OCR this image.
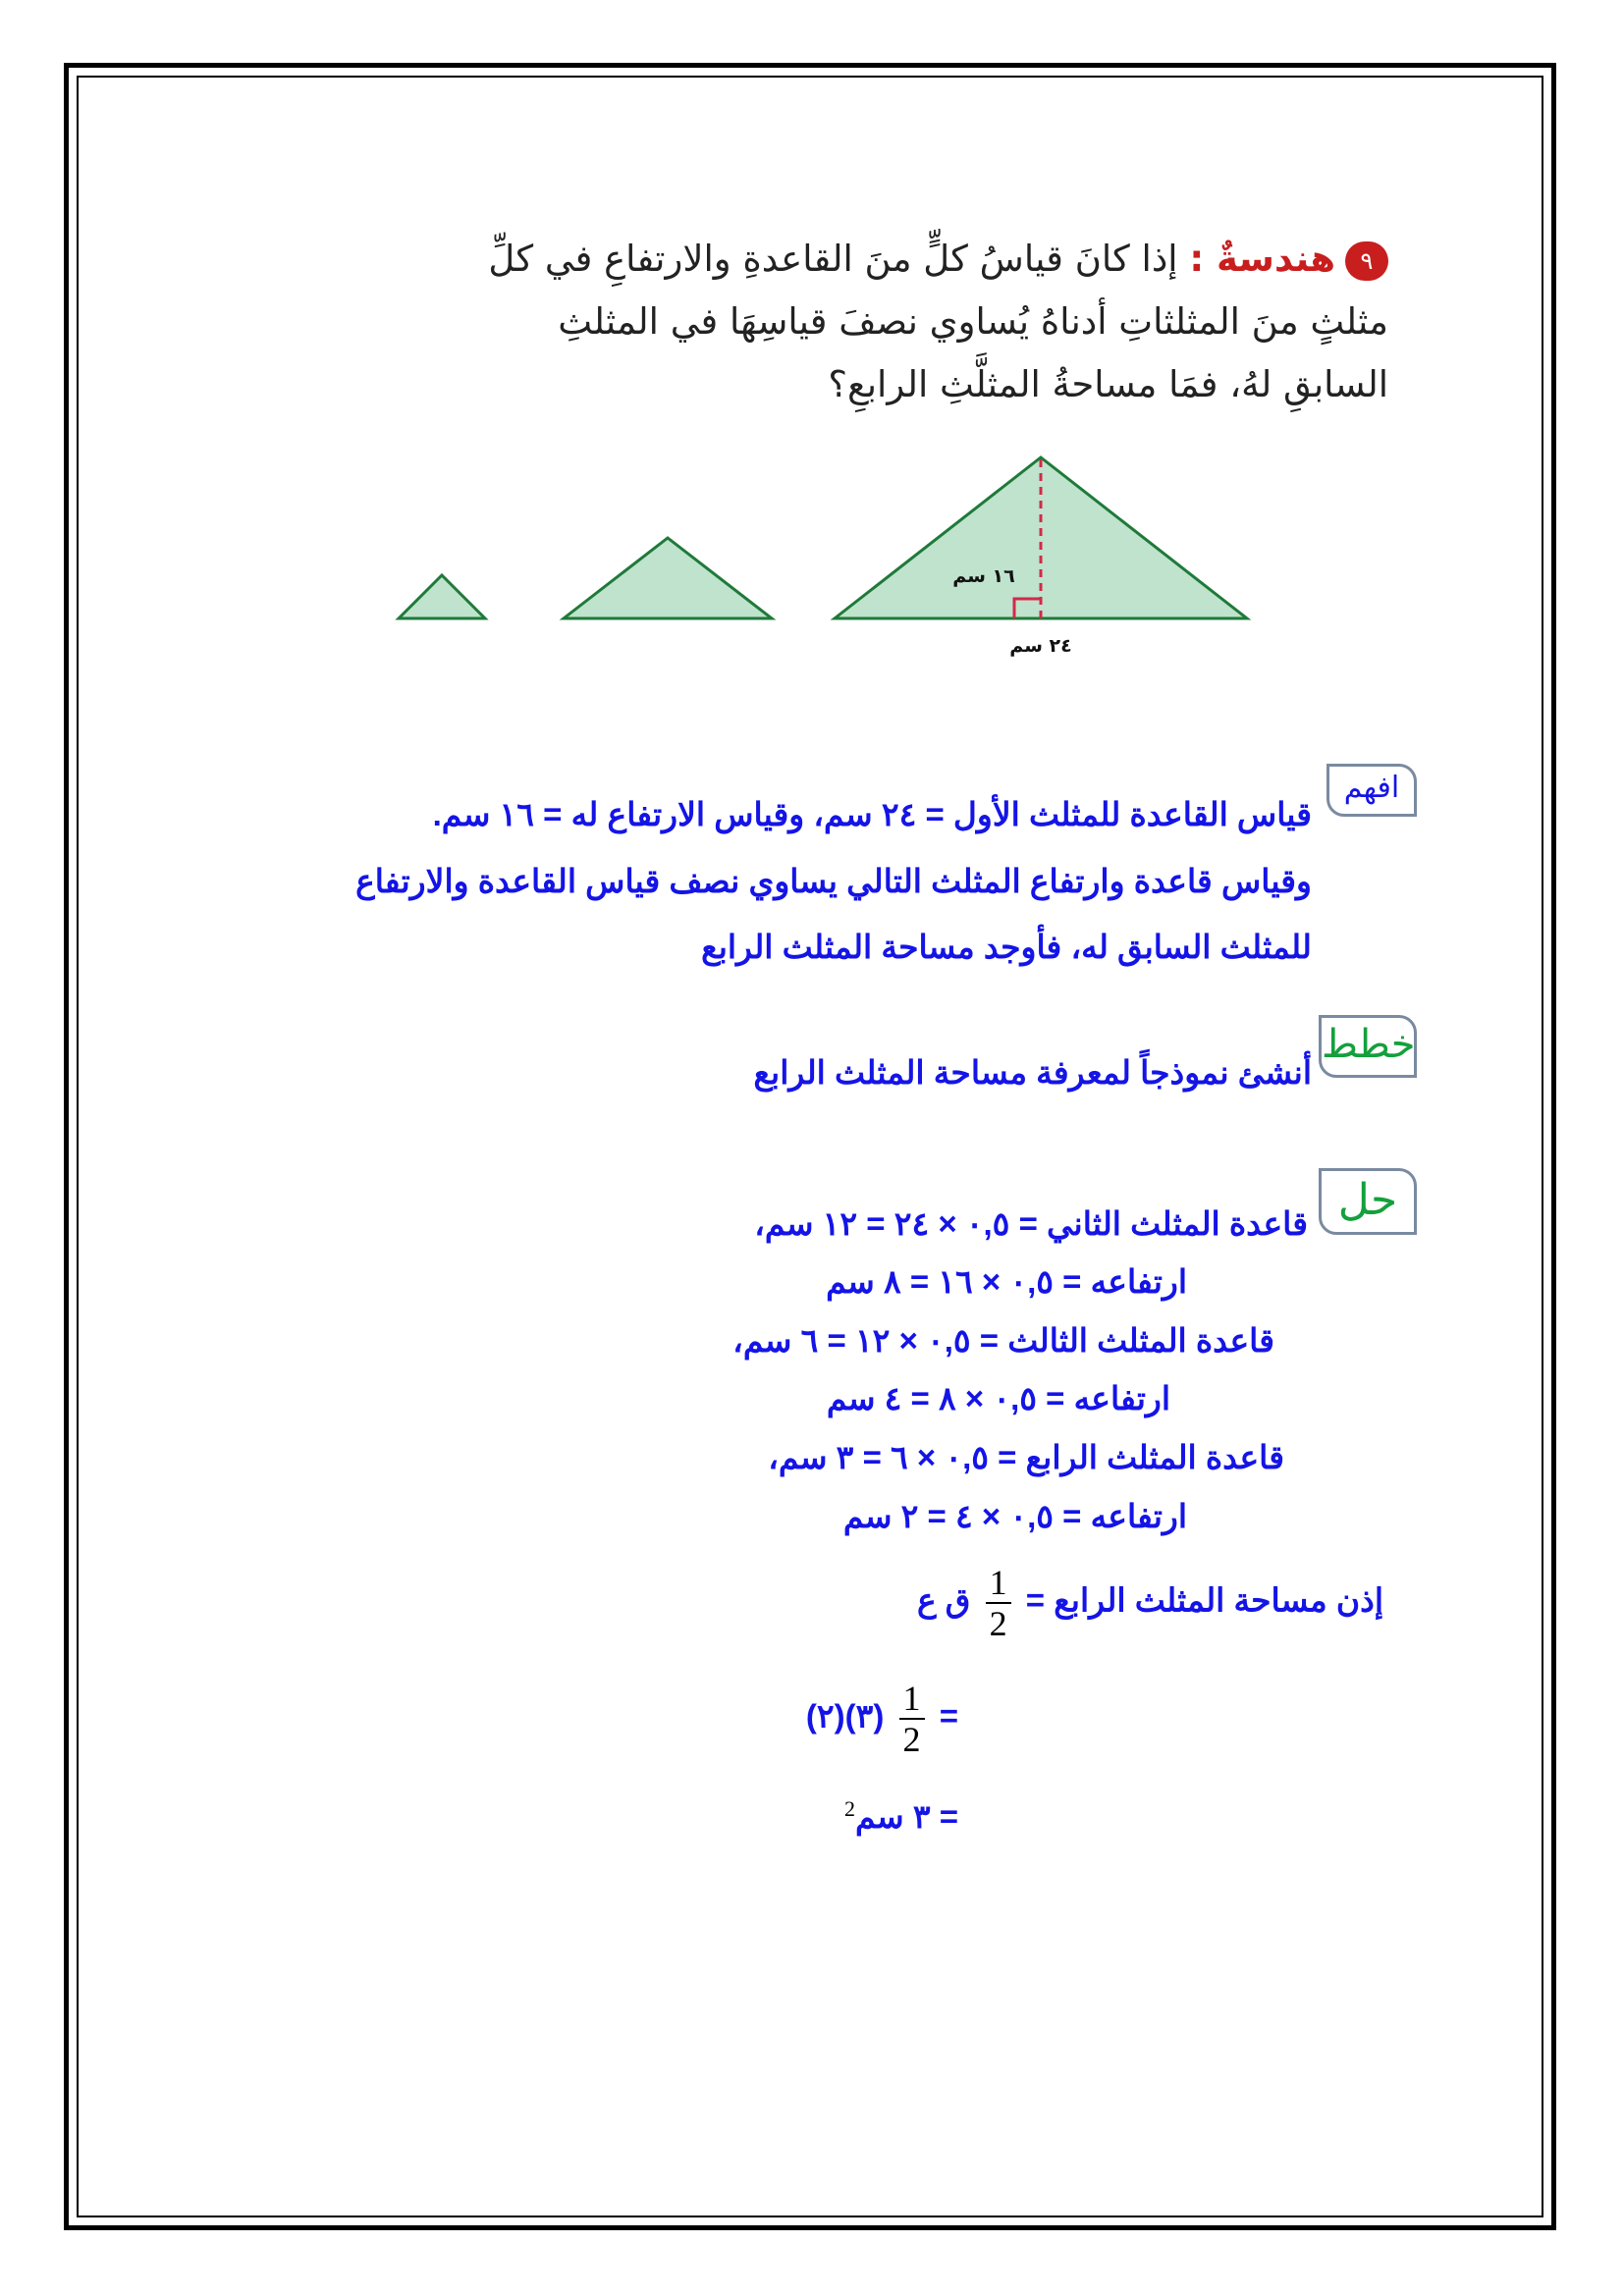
٩هندسةٌ : إذا كانَ قياسُ كلٍّ منَ القاعدةِ والارتفاعِ في كلِّ

مثلثٍ منَ المثلثاتِ أدناهُ يُساوي نصفَ قياسِهَا في المثلثِ

السابقِ لهُ، فمَا مساحةُ المثلَّثِ الرابعِ؟

١٦ سم
٢٤ سم
افهم
قياس القاعدة للمثلث الأول = ٢٤ سم، وقياس الارتفاع له = ١٦ سم.
وقياس قاعدة وارتفاع المثلث التالي يساوي نصف قياس القاعدة والارتفاع
للمثلث السابق له، فأوجد مساحة المثلث الرابع
خطط
أنشئ نموذجاً لمعرفة مساحة المثلث الرابع
حل
قاعدة المثلث الثاني = ٠,٥ × ٢٤ = ١٢ سم،
ارتفاعه = ٠,٥ × ١٦ = ٨ سم
قاعدة المثلث الثالث = ٠,٥ × ١٢ = ٦ سم،
ارتفاعه = ٠,٥ × ٨ = ٤ سم
قاعدة المثلث الرابع = ٠,٥ × ٦ = ٣ سم،
ارتفاعه = ٠,٥ × ٤ = ٢ سم
إذن مساحة المثلث الرابع =
$\frac{1}{2}$
ق ع
=
$\frac{1}{2}$
(٣)(٢)
= ٣ سم$^2$
